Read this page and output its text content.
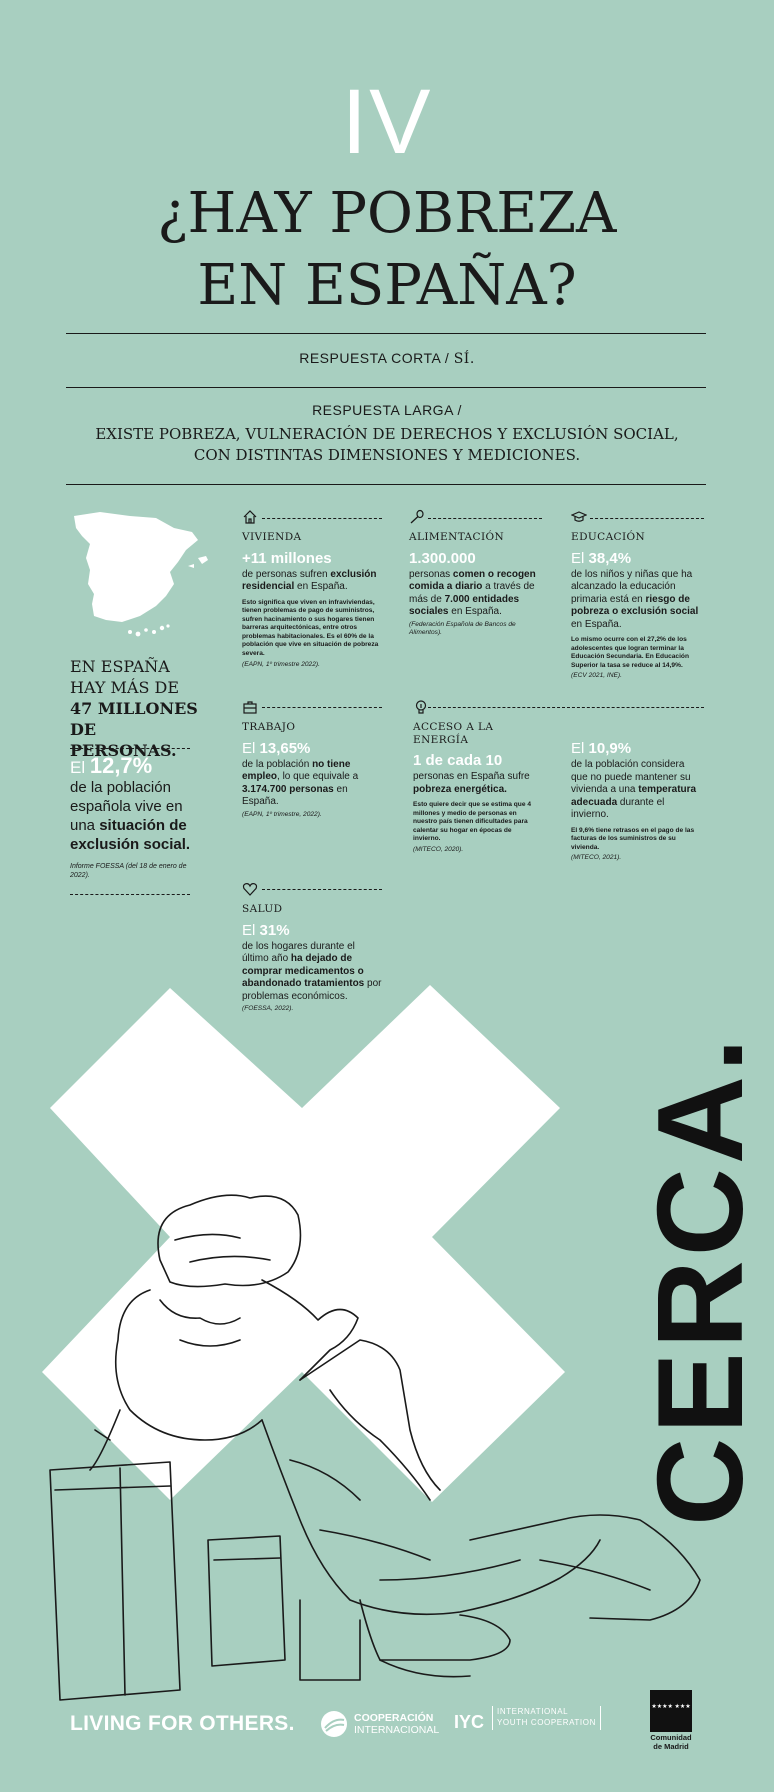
IV
¿HAY POBREZA
EN ESPAÑA?
RESPUESTA CORTA / SÍ.
RESPUESTA LARGA /
EXISTE POBREZA, VULNERACIÓN DE DERECHOS Y EXCLUSIÓN SOCIAL,
CON DISTINTAS DIMENSIONES Y MEDICIONES.
EN ESPAÑA HAY MÁS DE 47 MILLONES DE PERSONAS.
El 12,7%
de la población española vive en una situación de exclusión social.
Informe FOESSA (del 18 de enero de 2022).
VIVIENDA
+11 millones
de personas sufren exclusión residencial en España.
Esto significa que viven en infraviviendas, tienen problemas de pago de suministros, sufren hacinamiento o sus hogares tienen barreras arquitectónicas, entre otros problemas habitacionales. Es el 60% de la población que vive en situación de pobreza severa.
(EAPN, 1º trimestre 2022).
ALIMENTACIÓN
1.300.000
personas comen o recogen comida a diario a través de más de 7.000 entidades sociales en España.
(Federación Española de Bancos de Alimentos).
EDUCACIÓN
El 38,4%
de los niños y niñas que ha alcanzado la educación primaria está en riesgo de pobreza o exclusión social en España.
Lo mismo ocurre con el 27,2% de los adolescentes que logran terminar la Educación Secundaria. En Educación Superior la tasa se reduce al 14,9%.
(ECV 2021, INE).
TRABAJO
El 13,65%
de la población no tiene empleo, lo que equivale a 3.174.700 personas en España.
(EAPN, 1º trimestre, 2022).
ACCESO A LA ENERGÍA
1 de cada 10
personas en España sufre pobreza energética.
Esto quiere decir que se estima que 4 millones y medio de personas en nuestro país tienen dificultades para calentar su hogar en épocas de invierno.
(MITECO, 2020).
El 10,9%
de la población considera que no puede mantener su vivienda a una temperatura adecuada durante el invierno.
El 9,6% tiene retrasos en el pago de las facturas de los suministros de su vivienda.
(MITECO, 2021).
SALUD
El 31%
de los hogares durante el último año ha dejado de comprar medicamentos o abandonado tratamientos por problemas económicos.
(FOESSA, 2022).
CERCA.
LIVING FOR OTHERS.	COOPERACIÓN
INTERNACIONAL IYC
INTERNATIONAL
YOUTH COOPERATION
★★★★ ★★★
Comunidad
de Madrid
